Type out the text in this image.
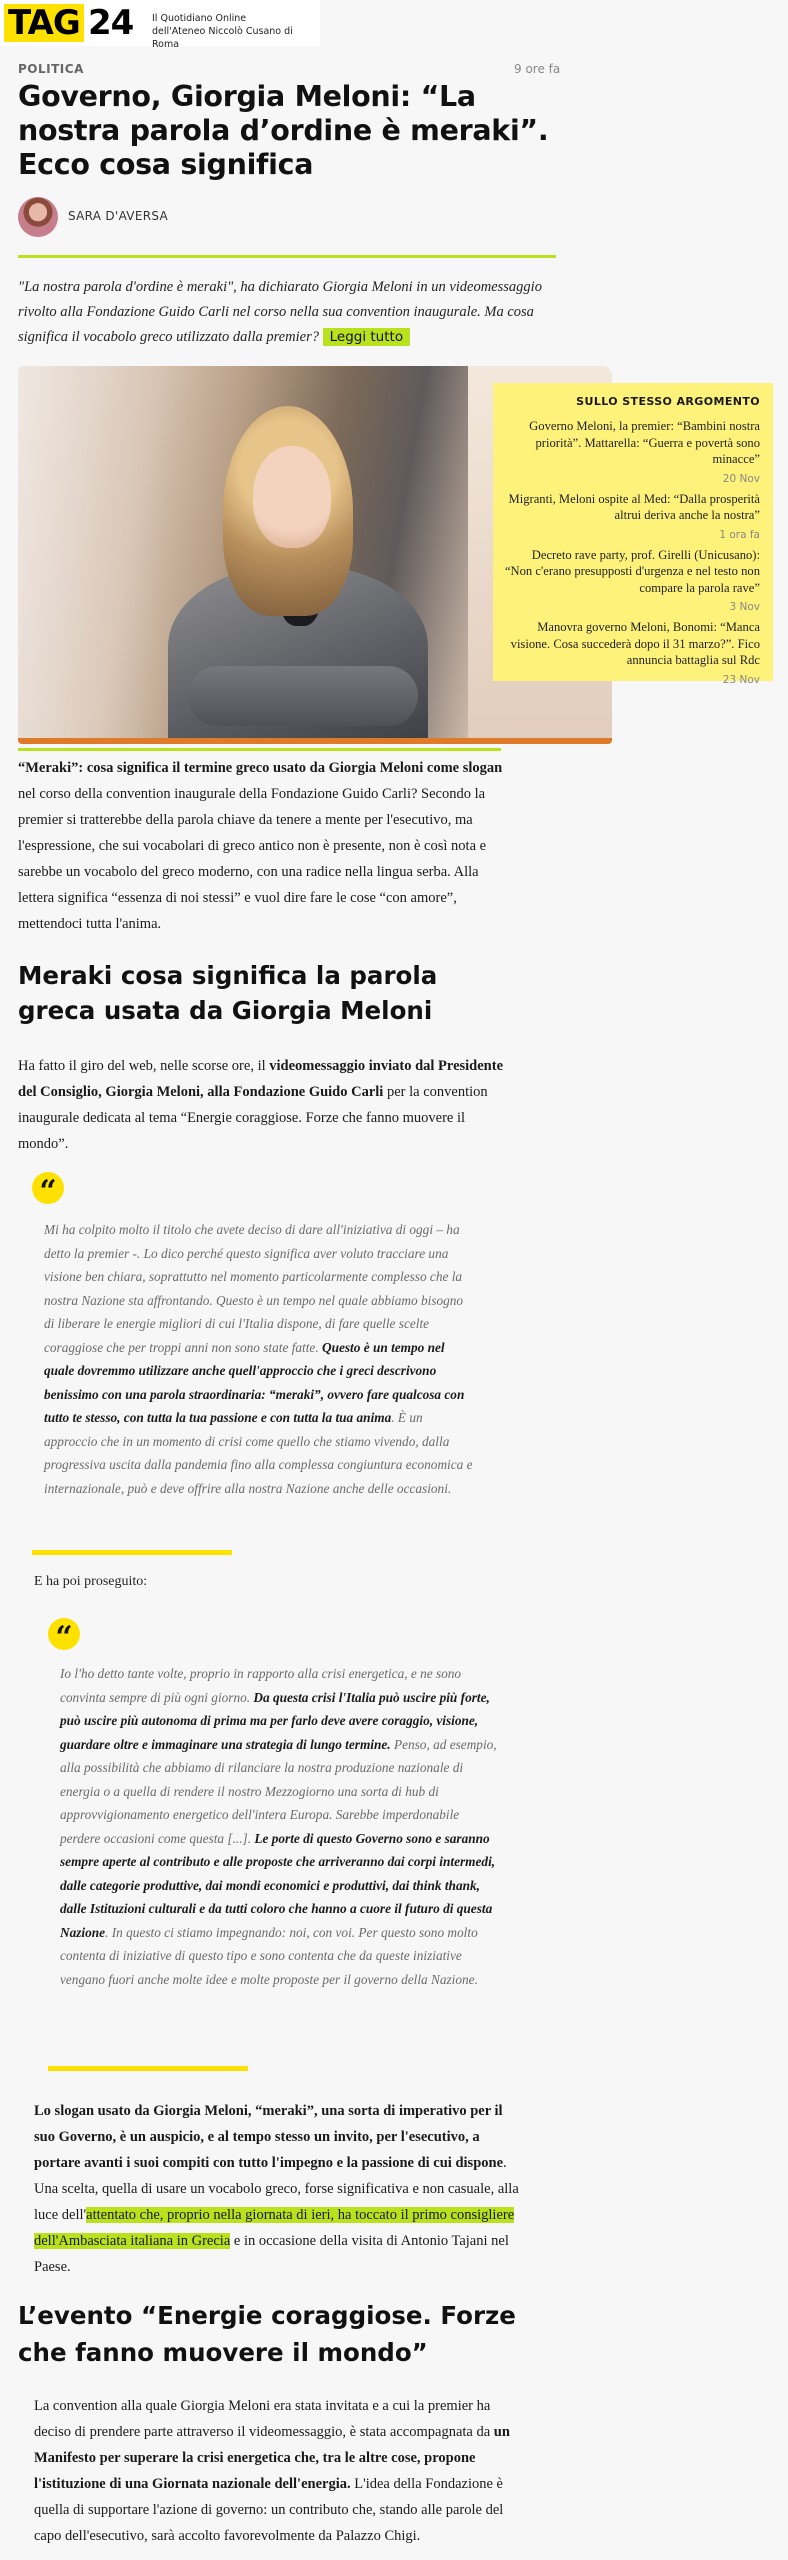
TAG 24 Il Quotidiano Online
dell'Ateneo Niccolò Cusano di Roma
POLITICA	9 ore fa
Governo, Giorgia Meloni: “La nostra parola d’ordine è meraki”. Ecco cosa significa
SARA D'AVERSA

"La nostra parola d'ordine è meraki", ha dichiarato Giorgia Meloni in un videomessaggio rivolto alla Fondazione Guido Carli nel corso nella sua convention inaugurale. Ma cosa significa il vocabolo greco utilizzato dalla premier? Leggi tutto

SULLO STESSO ARGOMENTO
Governo Meloni, la premier: “Bambini nostra priorità”. Mattarella: “Guerra e povertà sono minacce”
20 Nov
Migranti, Meloni ospite al Med: “Dalla prosperità altrui deriva anche la nostra”
1 ora fa
Decreto rave party, prof. Girelli (Unicusano): “Non c'erano presupposti d'urgenza e nel testo non compare la parola rave”
3 Nov
Manovra governo Meloni, Bonomi: “Manca visione. Cosa succederà dopo il 31 marzo?”. Fico annuncia battaglia sul Rdc
23 Nov

“Meraki”: cosa significa il termine greco usato da Giorgia Meloni come slogan nel corso della convention inaugurale della Fondazione Guido Carli? Secondo la premier si tratterebbe della parola chiave da tenere a mente per l'esecutivo, ma l'espressione, che sui vocabolari di greco antico non è presente, non è così nota e sarebbe un vocabolo del greco moderno, con una radice nella lingua serba. Alla lettera significa “essenza di noi stessi” e vuol dire fare le cose “con amore”, mettendoci tutta l'anima.

Meraki cosa significa la parola greca usata da Giorgia Meloni

Ha fatto il giro del web, nelle scorse ore, il videomessaggio inviato dal Presidente del Consiglio, Giorgia Meloni, alla Fondazione Guido Carli per la convention inaugurale dedicata al tema “Energie coraggiose. Forze che fanno muovere il mondo”.

“

Mi ha colpito molto il titolo che avete deciso di dare all'iniziativa di oggi – ha detto la premier -. Lo dico perché questo significa aver voluto tracciare una visione ben chiara, soprattutto nel momento particolarmente complesso che la nostra Nazione sta affrontando. Questo è un tempo nel quale abbiamo bisogno di liberare le energie migliori di cui l'Italia dispone, di fare quelle scelte coraggiose che per troppi anni non sono state fatte. Questo è un tempo nel quale dovremmo utilizzare anche quell'approccio che i greci descrivono benissimo con una parola straordinaria: “meraki”, ovvero fare qualcosa con tutto te stesso, con tutta la tua passione e con tutta la tua anima. È un approccio che in un momento di crisi come quello che stiamo vivendo, dalla progressiva uscita dalla pandemia fino alla complessa congiuntura economica e internazionale, può e deve offrire alla nostra Nazione anche delle occasioni.

E ha poi proseguito:

“

Io l'ho detto tante volte, proprio in rapporto alla crisi energetica, e ne sono convinta sempre di più ogni giorno. Da questa crisi l'Italia può uscire più forte, può uscire più autonoma di prima ma per farlo deve avere coraggio, visione, guardare oltre e immaginare una strategia di lungo termine. Penso, ad esempio, alla possibilità che abbiamo di rilanciare la nostra produzione nazionale di energia o a quella di rendere il nostro Mezzogiorno una sorta di hub di approvvigionamento energetico dell'intera Europa. Sarebbe imperdonabile perdere occasioni come questa [...]. Le porte di questo Governo sono e saranno sempre aperte al contributo e alle proposte che arriveranno dai corpi intermedi, dalle categorie produttive, dai mondi economici e produttivi, dai think thank, dalle Istituzioni culturali e da tutti coloro che hanno a cuore il futuro di questa Nazione. In questo ci stiamo impegnando: noi, con voi. Per questo sono molto contenta di iniziative di questo tipo e sono contenta che da queste iniziative vengano fuori anche molte idee e molte proposte per il governo della Nazione.

Lo slogan usato da Giorgia Meloni, “meraki”, una sorta di imperativo per il suo Governo, è un auspicio, e al tempo stesso un invito, per l'esecutivo, a portare avanti i suoi compiti con tutto l'impegno e la passione di cui dispone. Una scelta, quella di usare un vocabolo greco, forse significativa e non casuale, alla luce dell'attentato che, proprio nella giornata di ieri, ha toccato il primo consigliere dell'Ambasciata italiana in Grecia e in occasione della visita di Antonio Tajani nel Paese.

L’evento “Energie coraggiose. Forze che fanno muovere il mondo”

La convention alla quale Giorgia Meloni era stata invitata e a cui la premier ha deciso di prendere parte attraverso il videomessaggio, è stata accompagnata da un Manifesto per superare la crisi energetica che, tra le altre cose, propone l'istituzione di una Giornata nazionale dell'energia. L'idea della Fondazione è quella di supportare l'azione di governo: un contributo che, stando alle parole del capo dell'esecutivo, sarà accolto favorevolmente da Palazzo Chigi.
